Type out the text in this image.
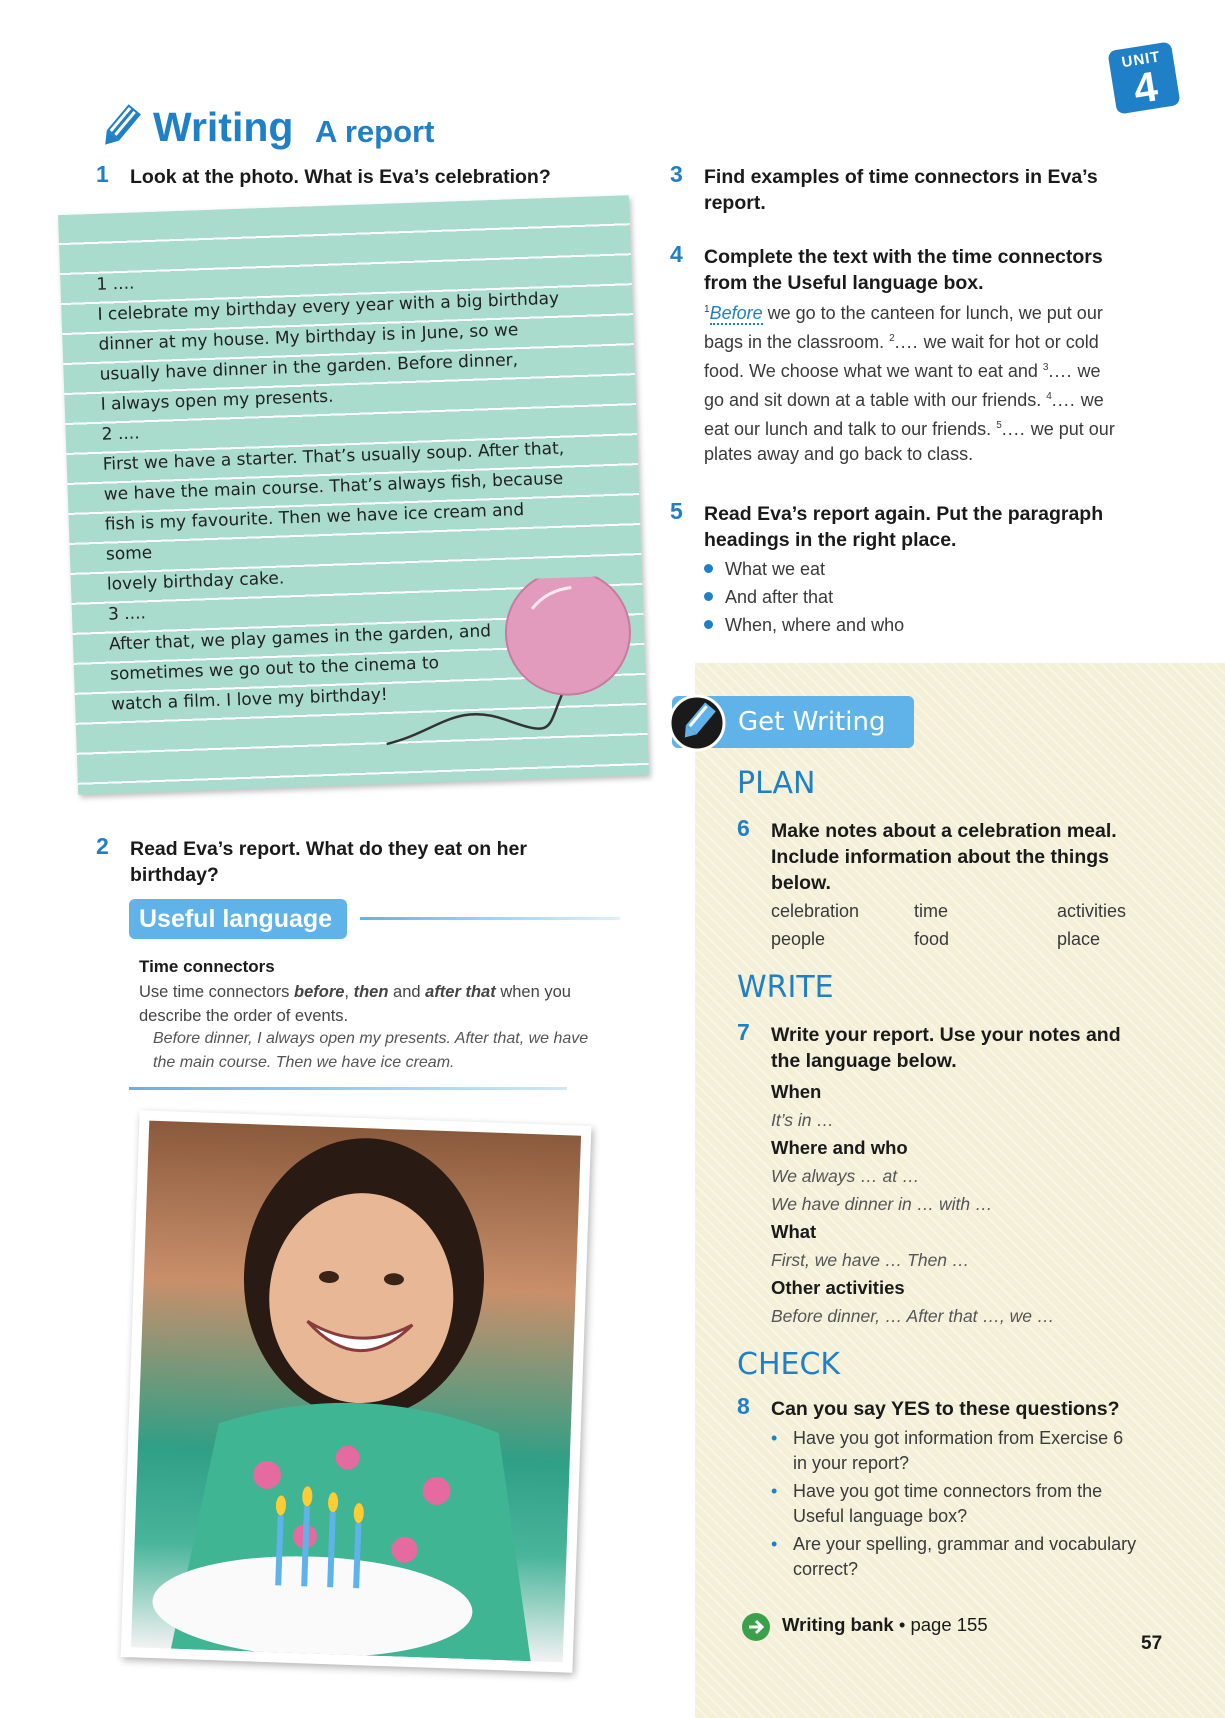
UNIT
4
Writing A report
1 Look at the photo. What is Eva’s celebration?
1 ....
I celebrate my birthday every year with a big birthday
dinner at my house. My birthday is in June, so we
usually have dinner in the garden. Before dinner,
I always open my presents.
2 ....
First we have a starter. That’s usually soup. After that,
we have the main course. That’s always fish, because
fish is my favourite. Then we have ice cream and some
lovely birthday cake.
3 ....
After that, we play games in the garden, and
sometimes we go out to the cinema to
watch a film. I love my birthday!
2 Read Eva’s report. What do they eat on her birthday?
Useful language
Time connectors
Use time connectors before, then and after that when you describe the order of events.
Before dinner, I always open my presents. After that, we have the main course. Then we have ice cream.
3 Find examples of time connectors in Eva’s report.
4 Complete the text with the time connectors from the Useful language box.
$^1$Before we go to the canteen for lunch, we put our bags in the classroom. $^2$.... we wait for hot or cold food. We choose what we want to eat and $^3$.... we go and sit down at a table with our friends. $^4$.... we eat our lunch and talk to our friends. $^5$.... we put our plates away and go back to class.
5 Read Eva’s report again. Put the paragraph headings in the right place.
What we eat
And after that
When, where and who
Get Writing
PLAN
6 Make notes about a celebration meal. Include information about the things below.
celebration	time	activities
people	food	place
WRITE
7 Write your report. Use your notes and the language below.
When
It’s in …
Where and who
We always … at …
We have dinner in … with …
What
First, we have … Then …
Other activities
Before dinner, … After that …, we …
CHECK
8 Can you say YES to these questions?
• Have you got information from Exercise 6 in your report?
• Have you got time connectors from the Useful language box?
• Are your spelling, grammar and vocabulary correct?
Writing bank • page 155
57
